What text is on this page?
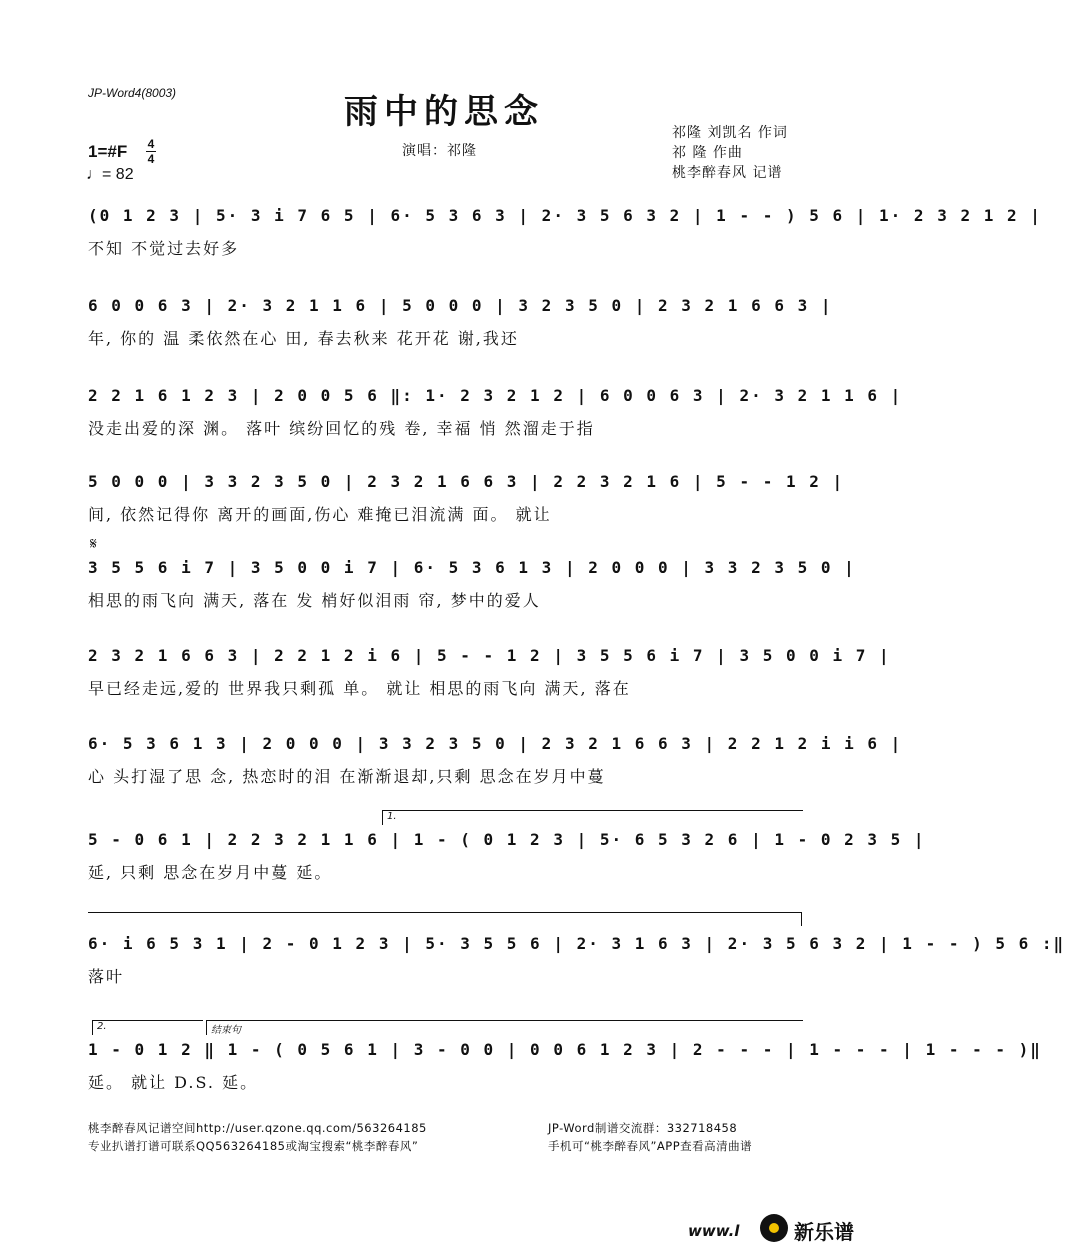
JP-Word4(8003)	雨中的思念
祁隆 刘凯名 作词
祁 隆 作曲
桃李醉春风 记谱
演唱：祁隆
1=#F 4
4
♩= 82
(0 1 2 3 | 5· 3 i 7 6 5 | 6· 5 3 6 3 | 2· 3 5 6 3 2 | 1 - - ) 5 6 | 1· 2 3 2 1 2 |
不知 不觉过去好多
6 0 0 6 3 | 2· 3 2 1 1 6 | 5 0 0 0 | 3 2 3 5 0 | 2 3 2 1 6 6 3 |
年, 你的 温 柔依然在心 田, 春去秋来 花开花 谢,我还
2 2 1 6 1 2 3 | 2 0 0 5 6 ‖: 1· 2 3 2 1 2 | 6 0 0 6 3 | 2· 3 2 1 1 6 |
没走出爱的深 渊。 落叶 缤纷回忆的残 卷, 幸福 悄 然溜走于指
5 0 0 0 | 3 3 2 3 5 0 | 2 3 2 1 6 6 3 | 2 2 3 2 1 6 | 5 - - 1 2 |
间, 依然记得你 离开的画面,伤心 难掩已泪流满 面。 就让
𝄋
3 5 5 6 i 7 | 3 5 0 0 i 7 | 6· 5 3 6 1 3 | 2 0 0 0 | 3 3 2 3 5 0 |
相思的雨飞向 满天, 落在 发 梢好似泪雨 帘, 梦中的爱人
2 3 2 1 6 6 3 | 2 2 1 2 i 6 | 5 - - 1 2 | 3 5 5 6 i 7 | 3 5 0 0 i 7 |
早已经走远,爱的 世界我只剩孤 单。 就让 相思的雨飞向 满天, 落在
6· 5 3 6 1 3 | 2 0 0 0 | 3 3 2 3 5 0 | 2 3 2 1 6 6 3 | 2 2 1 2 i i 6 |
心 头打湿了思 念, 热恋时的泪 在渐渐退却,只剩 思念在岁月中蔓
1.
5 - 0 6 1 | 2 2 3 2 1 1 6 | 1 - ( 0 1 2 3 | 5· 6 5 3 2 6 | 1 - 0 2 3 5 |
延, 只剩 思念在岁月中蔓 延。
6· i 6 5 3 1 | 2 - 0 1 2 3 | 5· 3 5 5 6 | 2· 3 1 6 3 | 2· 3 5 6 3 2 | 1 - - ) 5 6 :‖
落叶
2.	结束句
1 - 0 1 2 ‖ 1 - ( 0 5 6 1 | 3 - 0 0 | 0 0 6 1 2 3 | 2 - - - | 1 - - - | 1 - - - )‖
延。 就让 D.S. 延。
桃李醉春风记谱空间http://user.qzone.qq.com/563264185
专业扒谱打谱可联系QQ563264185或淘宝搜索“桃李醉春风”
JP-Word制谱交流群：332718458
手机可“桃李醉春风”APP查看高清曲谱
www.l	新乐谱
